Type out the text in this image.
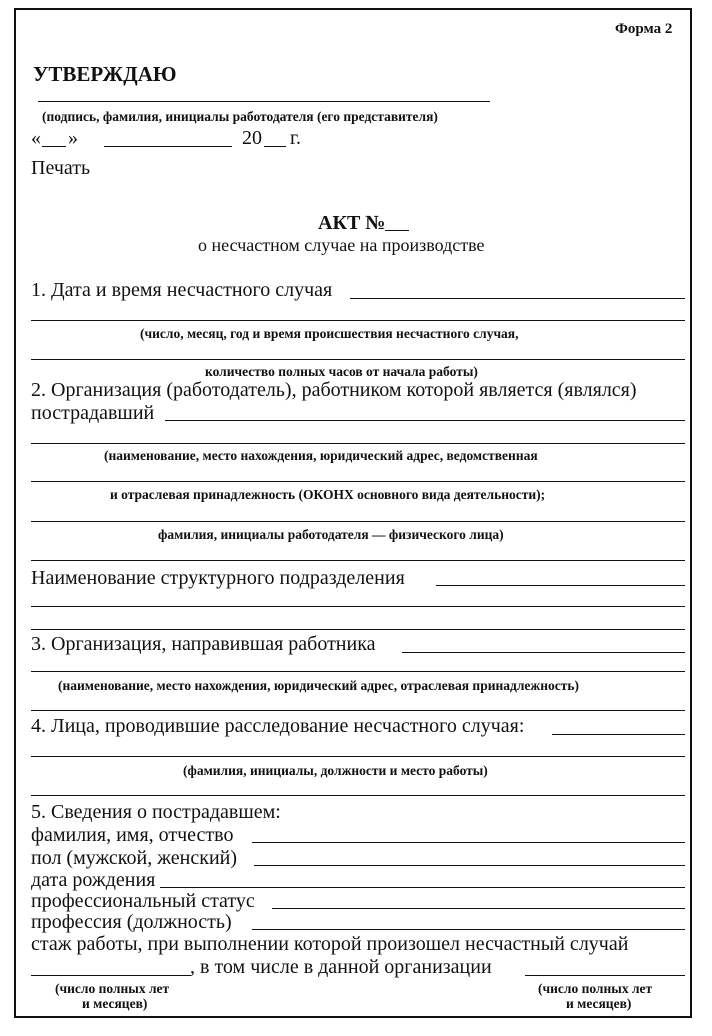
Форма 2
УТВЕРЖДАЮ
(подпись, фамилия, инициалы работодателя (его представителя)
« »	20 г.
Печать
АКТ №
о несчастном случае на производстве
1. Дата и время несчастного случая
(число, месяц, год и время происшествия несчастного случая,
количество полных часов от начала работы)
2. Организация (работодатель), работником которой является (являлся)
пострадавший
(наименование, место нахождения, юридический адрес, ведомственная
и отраслевая принадлежность (ОКОНХ основного вида деятельности);
фамилия, инициалы работодателя — физического лица)
Наименование структурного подразделения
3. Организация, направившая работника
(наименование, место нахождения, юридический адрес, отраслевая принадлежность)
4. Лица, проводившие расследование несчастного случая:
(фамилия, инициалы, должности и место работы)
5. Сведения о пострадавшем:
фамилия, имя, отчество
пол (мужской, женский)
дата рождения
профессиональный статус
профессия (должность)
стаж работы, при выполнении которой произошел несчастный случай
, в том числе в данной организации
(число полных лет
и месяцев)
(число полных лет
и месяцев)
